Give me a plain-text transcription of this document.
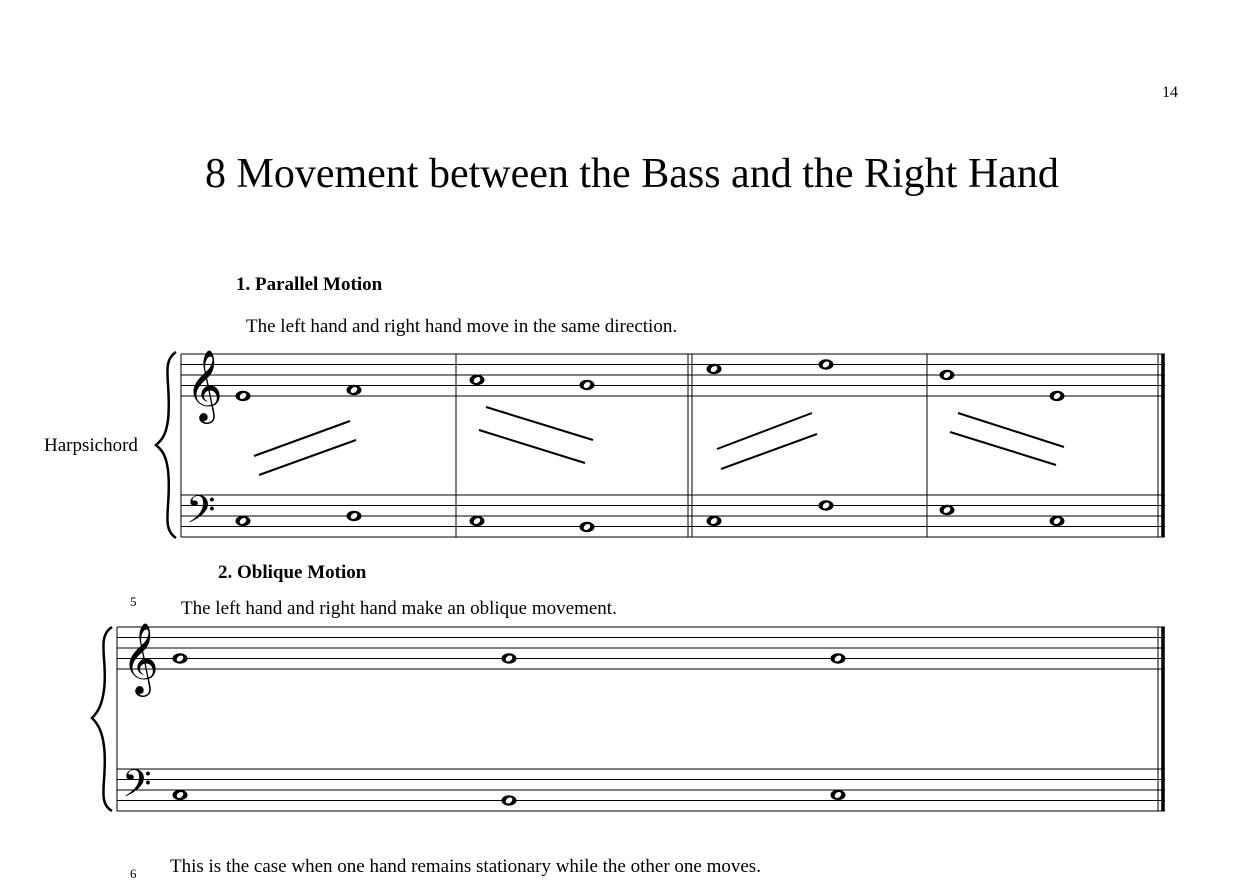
14
8 Movement between the Bass and the Right Hand
1. Parallel Motion
The left hand and right hand move in the same direction.
Harpsichord
2. Oblique Motion
5 The left hand and right hand make an oblique movement.
6 This is the case when one hand remains stationary while the other one moves.
𝄞
𝄢
𝄞
𝄢
